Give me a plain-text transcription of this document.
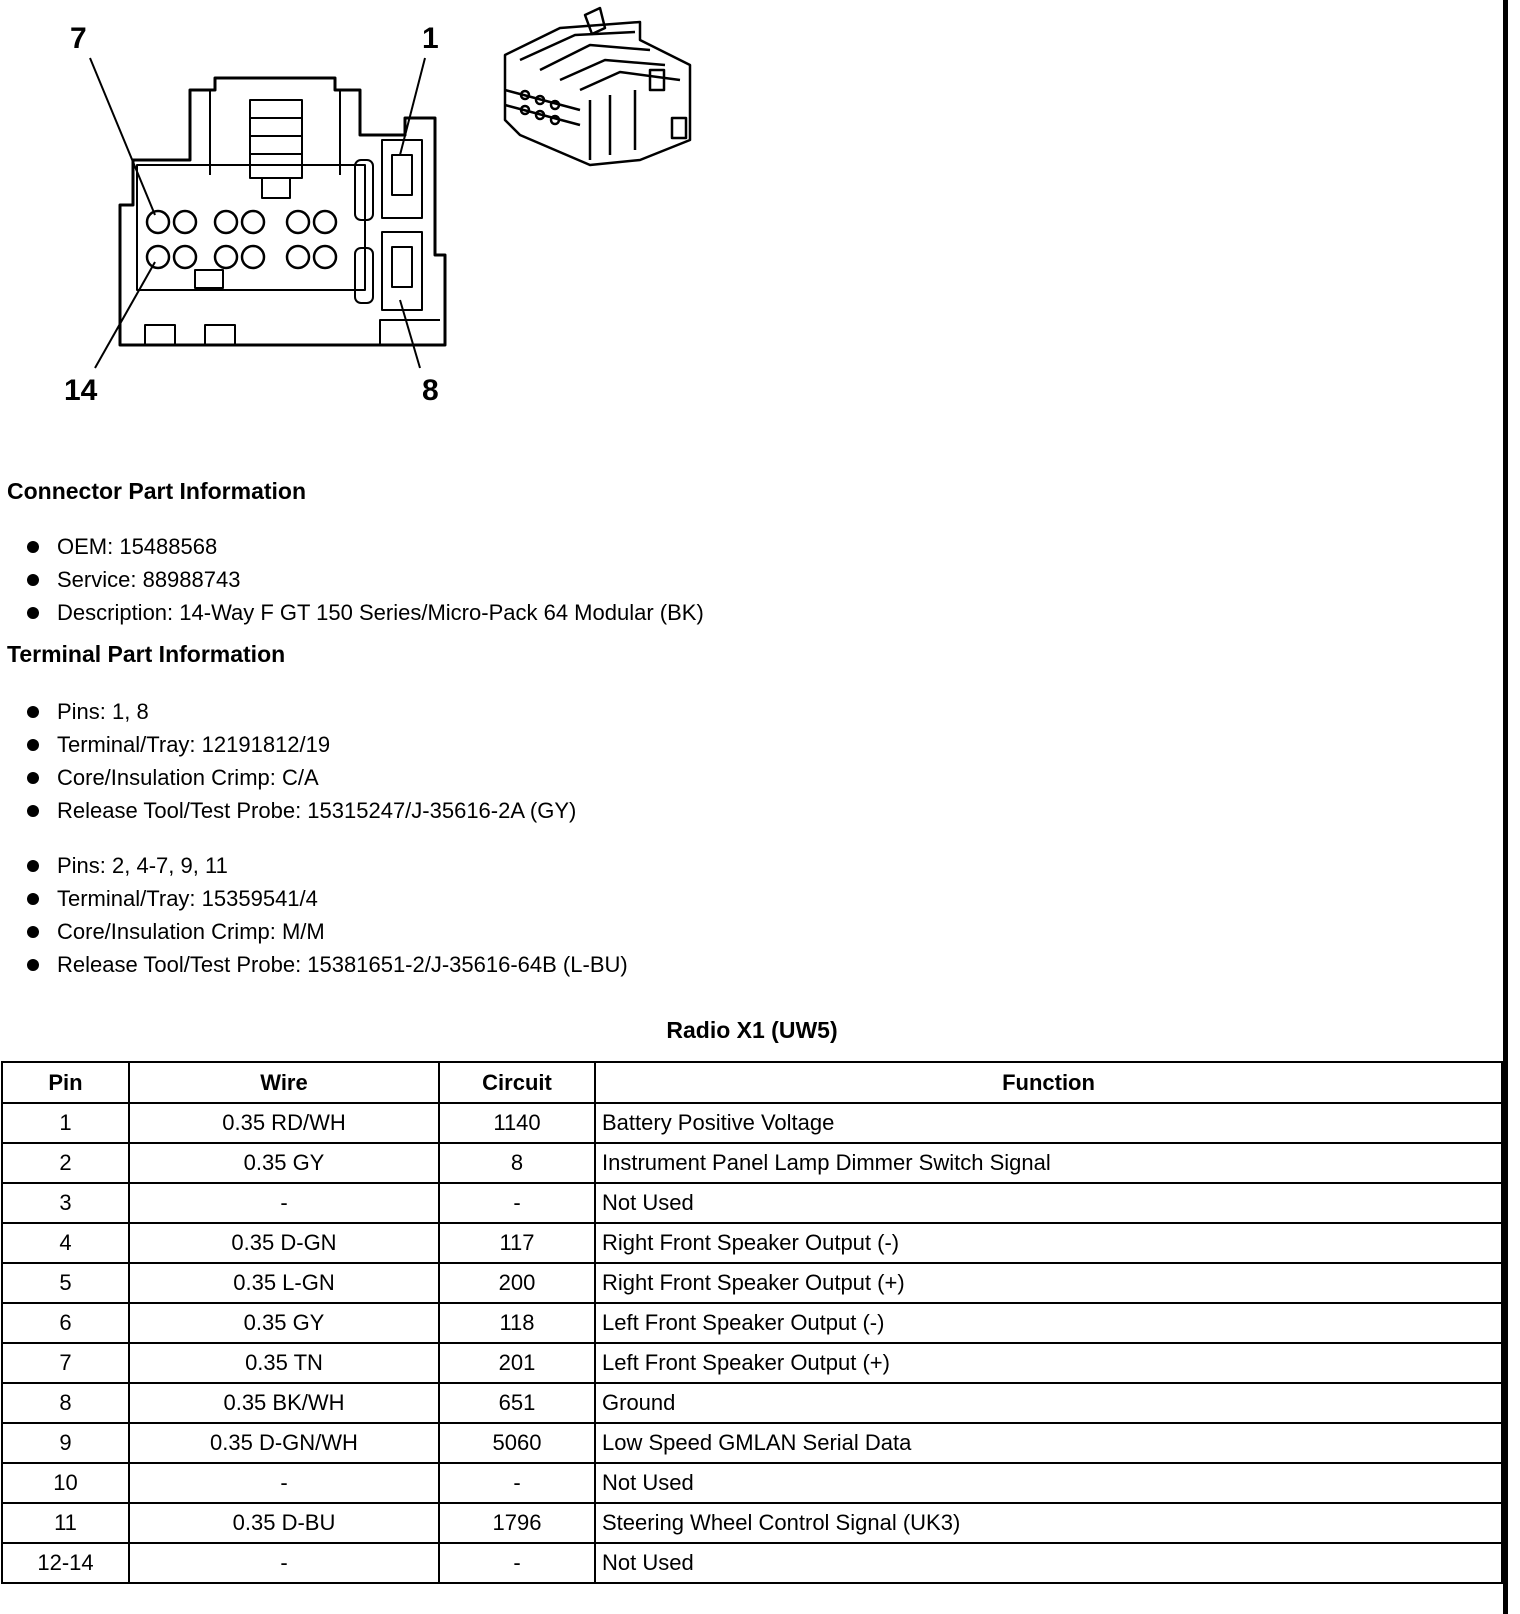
7	1
14	8
Connector Part Information
OEM: 15488568
Service: 88988743
Description: 14-Way F GT 150 Series/Micro-Pack 64 Modular (BK)
Terminal Part Information
Pins: 1, 8
Terminal/Tray: 12191812/19
Core/Insulation Crimp: C/A
Release Tool/Test Probe: 15315247/J-35616-2A (GY)
Pins: 2, 4-7, 9, 11
Terminal/Tray: 15359541/4
Core/Insulation Crimp: M/M
Release Tool/Test Probe: 15381651-2/J-35616-64B (L-BU)
Radio X1 (UW5)
Pin	Wire	Circuit	Function
1	0.35 RD/WH	1140	Battery Positive Voltage
2	0.35 GY	8	Instrument Panel Lamp Dimmer Switch Signal
3	-	-	Not Used
4	0.35 D-GN	117	Right Front Speaker Output (-)
5	0.35 L-GN	200	Right Front Speaker Output (+)
6	0.35 GY	118	Left Front Speaker Output (-)
7	0.35 TN	201	Left Front Speaker Output (+)
8	0.35 BK/WH	651	Ground
9	0.35 D-GN/WH	5060	Low Speed GMLAN Serial Data
10	-	-	Not Used
11	0.35 D-BU	1796	Steering Wheel Control Signal (UK3)
12-14	-	-	Not Used
